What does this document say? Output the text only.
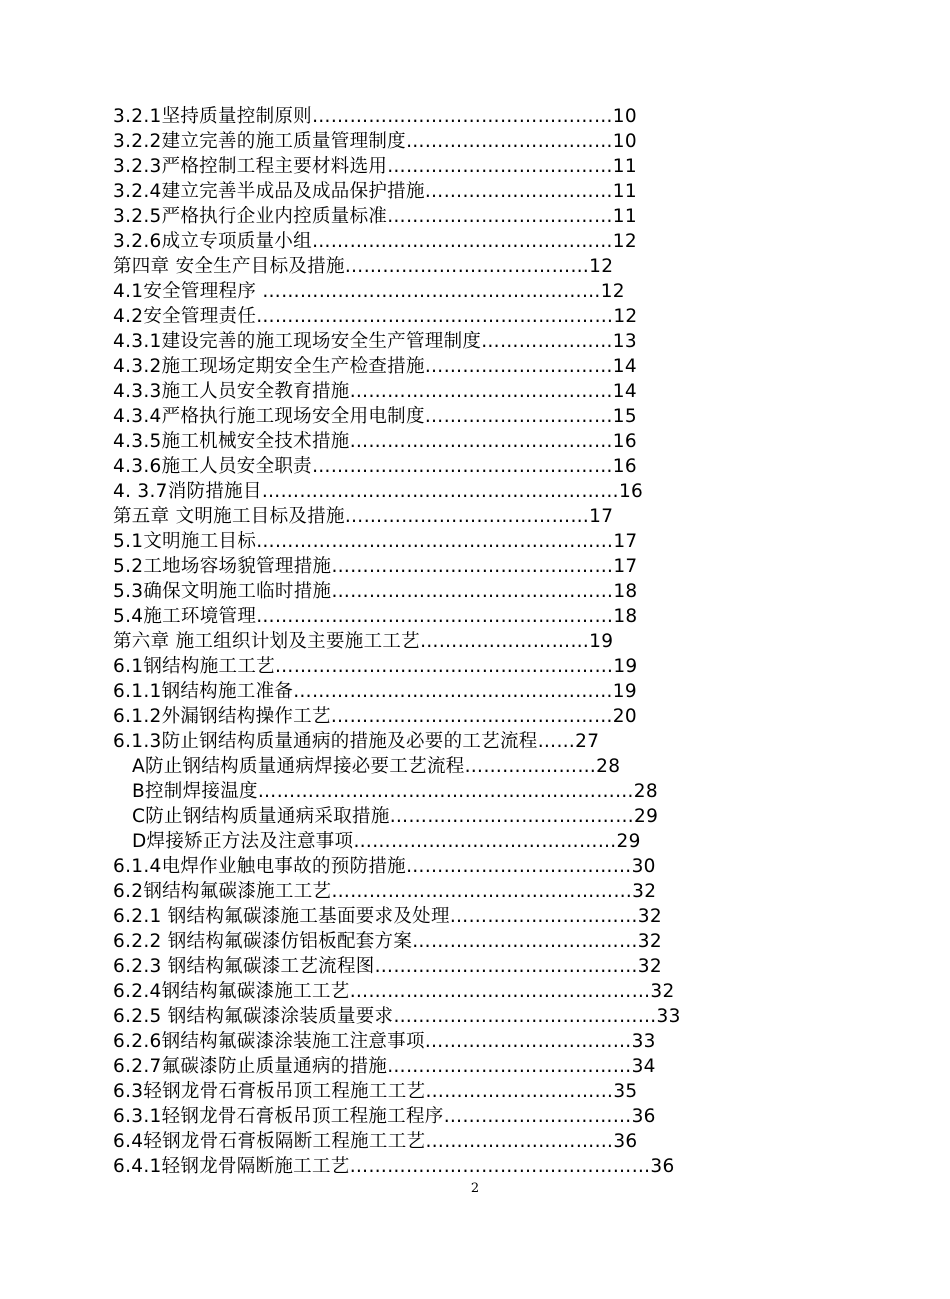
3.2.1坚持质量控制原则…………………………………………10
3.2.2建立完善的施工质量管理制度……………………………10
3.2.3严格控制工程主要材料选用………………………………11
3.2.4建立完善半成品及成品保护措施…………………………11
3.2.5严格执行企业内控质量标准………………………………11
3.2.6成立专项质量小组…………………………………………12
第四章 安全生产目标及措施…………………………………12
4.1安全管理程序 ………………………………………………12
4.2安全管理责任…………………………………………………12
4.3.1建设完善的施工现场安全生产管理制度…………………13
4.3.2施工现场定期安全生产检查措施…………………………14
4.3.3施工人员安全教育措施……………………………………14
4.3.4严格执行施工现场安全用电制度…………………………15
4.3.5施工机械安全技术措施……………………………………16
4.3.6施工人员安全职责…………………………………………16
4. 3.7消防措施目…………………………………………………16
第五章 文明施工目标及措施…………………………………17
5.1文明施工目标…………………………………………………17
5.2工地场容场貌管理措施………………………………………17
5.3确保文明施工临时措施………………………………………18
5.4施工环境管理…………………………………………………18
第六章 施工组织计划及主要施工工艺………………………19
6.1钢结构施工工艺………………………………………………19
6.1.1钢结构施工准备……………………………………………19
6.1.2外漏钢结构操作工艺………………………………………20
6.1.3防止钢结构质量通病的措施及必要的工艺流程……27
A防止钢结构质量通病焊接必要工艺流程…………………28
B控制焊接温度……………………………………………………28
C防止钢结构质量通病采取措施…………………………………29
D焊接矫正方法及注意事项……………………………………29
6.1.4电焊作业触电事故的预防措施………………………………30
6.2钢结构氟碳漆施工工艺…………………………………………32
6.2.1 钢结构氟碳漆施工基面要求及处理…………………………32
6.2.2 钢结构氟碳漆仿铝板配套方案………………………………32
6.2.3 钢结构氟碳漆工艺流程图……………………………………32
6.2.4钢结构氟碳漆施工工艺…………………………………………32
6.2.5 钢结构氟碳漆涂装质量要求……………………………………33
6.2.6钢结构氟碳漆涂装施工注意事项……………………………33
6.2.7氟碳漆防止质量通病的措施…………………………………34
6.3轻钢龙骨石膏板吊顶工程施工工艺…………………………35
6.3.1轻钢龙骨石膏板吊顶工程施工程序…………………………36
6.4轻钢龙骨石膏板隔断工程施工工艺…………………………36
6.4.1轻钢龙骨隔断施工工艺…………………………………………36
2
